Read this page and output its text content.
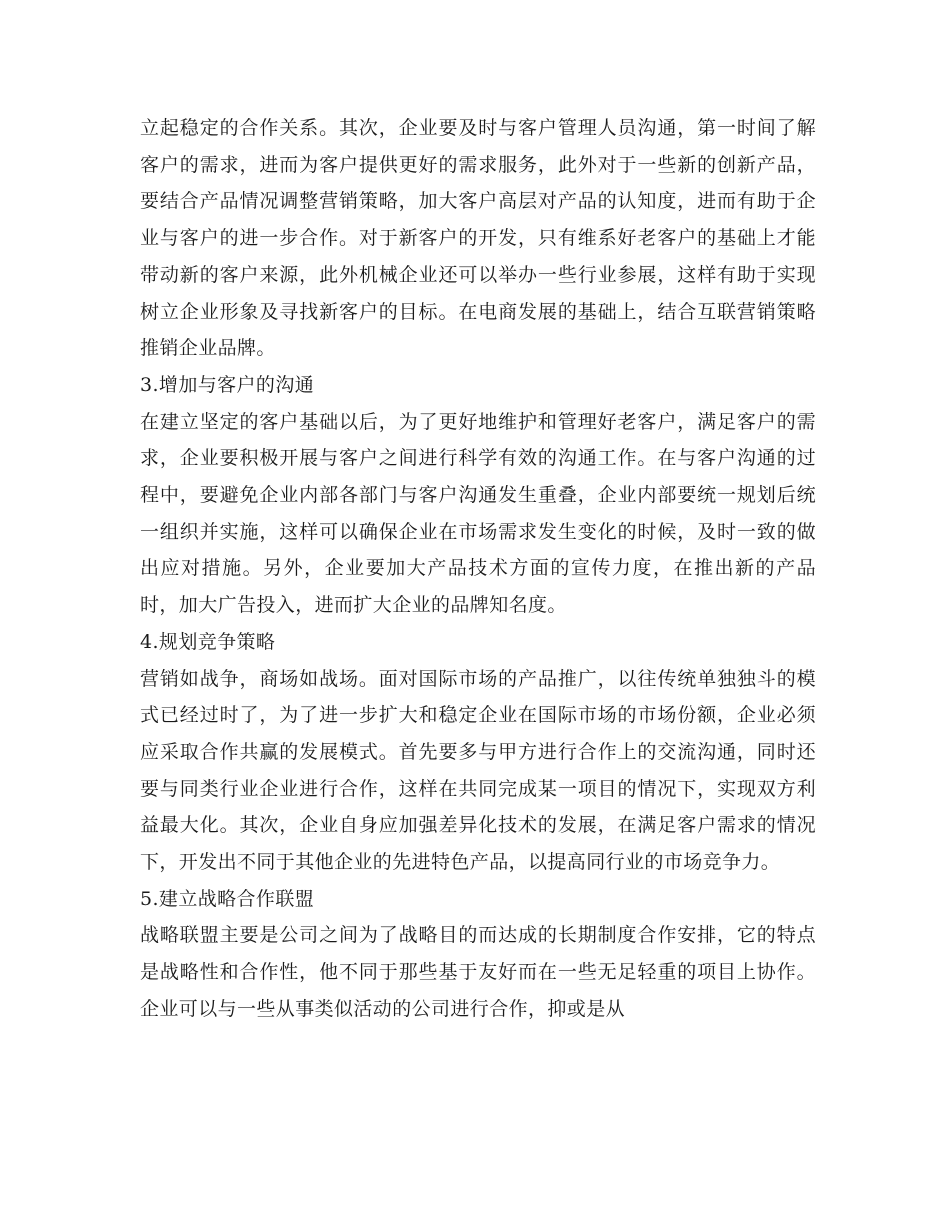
立起稳定的合作关系。其次，企业要及时与客户管理人员沟通，第一时间了解客户的需求，进而为客户提供更好的需求服务，此外对于一些新的创新产品，要结合产品情况调整营销策略，加大客户高层对产品的认知度，进而有助于企业与客户的进一步合作。对于新客户的开发，只有维系好老客户的基础上才能带动新的客户来源，此外机械企业还可以举办一些行业参展，这样有助于实现树立企业形象及寻找新客户的目标。在电商发展的基础上，结合互联营销策略推销企业品牌。

3.增加与客户的沟通

在建立坚定的客户基础以后，为了更好地维护和管理好老客户，满足客户的需求，企业要积极开展与客户之间进行科学有效的沟通工作。在与客户沟通的过程中，要避免企业内部各部门与客户沟通发生重叠，企业内部要统一规划后统一组织并实施，这样可以确保企业在市场需求发生变化的时候，及时一致的做出应对措施。另外，企业要加大产品技术方面的宣传力度，在推出新的产品时，加大广告投入，进而扩大企业的品牌知名度。

4.规划竞争策略

营销如战争，商场如战场。面对国际市场的产品推广，以往传统单独独斗的模式已经过时了，为了进一步扩大和稳定企业在国际市场的市场份额，企业必须应采取合作共赢的发展模式。首先要多与甲方进行合作上的交流沟通，同时还要与同类行业企业进行合作，这样在共同完成某一项目的情况下，实现双方利益最大化。其次，企业自身应加强差异化技术的发展，在满足客户需求的情况下，开发出不同于其他企业的先进特色产品，以提高同行业的市场竞争力。

5.建立战略合作联盟

战略联盟主要是公司之间为了战略目的而达成的长期制度合作安排，它的特点是战略性和合作性，他不同于那些基于友好而在一些无足轻重的项目上协作。企业可以与一些从事类似活动的公司进行合作，抑或是从
